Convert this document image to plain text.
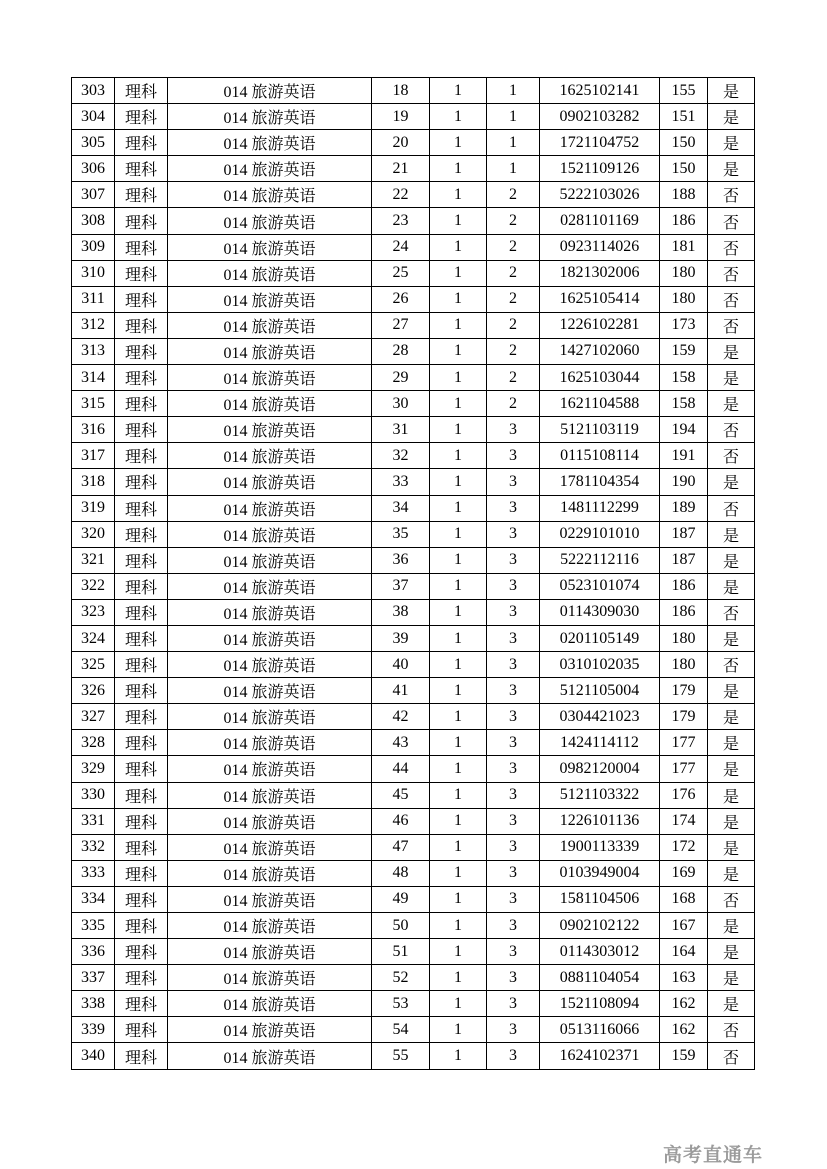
303	理科	014 旅游英语	18	1	1	1625102141	155	是
304	理科	014 旅游英语	19	1	1	0902103282	151	是
305	理科	014 旅游英语	20	1	1	1721104752	150	是
306	理科	014 旅游英语	21	1	1	1521109126	150	是
307	理科	014 旅游英语	22	1	2	5222103026	188	否
308	理科	014 旅游英语	23	1	2	0281101169	186	否
309	理科	014 旅游英语	24	1	2	0923114026	181	否
310	理科	014 旅游英语	25	1	2	1821302006	180	否
311	理科	014 旅游英语	26	1	2	1625105414	180	否
312	理科	014 旅游英语	27	1	2	1226102281	173	否
313	理科	014 旅游英语	28	1	2	1427102060	159	是
314	理科	014 旅游英语	29	1	2	1625103044	158	是
315	理科	014 旅游英语	30	1	2	1621104588	158	是
316	理科	014 旅游英语	31	1	3	5121103119	194	否
317	理科	014 旅游英语	32	1	3	0115108114	191	否
318	理科	014 旅游英语	33	1	3	1781104354	190	是
319	理科	014 旅游英语	34	1	3	1481112299	189	否
320	理科	014 旅游英语	35	1	3	0229101010	187	是
321	理科	014 旅游英语	36	1	3	5222112116	187	是
322	理科	014 旅游英语	37	1	3	0523101074	186	是
323	理科	014 旅游英语	38	1	3	0114309030	186	否
324	理科	014 旅游英语	39	1	3	0201105149	180	是
325	理科	014 旅游英语	40	1	3	0310102035	180	否
326	理科	014 旅游英语	41	1	3	5121105004	179	是
327	理科	014 旅游英语	42	1	3	0304421023	179	是
328	理科	014 旅游英语	43	1	3	1424114112	177	是
329	理科	014 旅游英语	44	1	3	0982120004	177	是
330	理科	014 旅游英语	45	1	3	5121103322	176	是
331	理科	014 旅游英语	46	1	3	1226101136	174	是
332	理科	014 旅游英语	47	1	3	1900113339	172	是
333	理科	014 旅游英语	48	1	3	0103949004	169	是
334	理科	014 旅游英语	49	1	3	1581104506	168	否
335	理科	014 旅游英语	50	1	3	0902102122	167	是
336	理科	014 旅游英语	51	1	3	0114303012	164	是
337	理科	014 旅游英语	52	1	3	0881104054	163	是
338	理科	014 旅游英语	53	1	3	1521108094	162	是
339	理科	014 旅游英语	54	1	3	0513116066	162	否
340	理科	014 旅游英语	55	1	3	1624102371	159	否
高考直通车
